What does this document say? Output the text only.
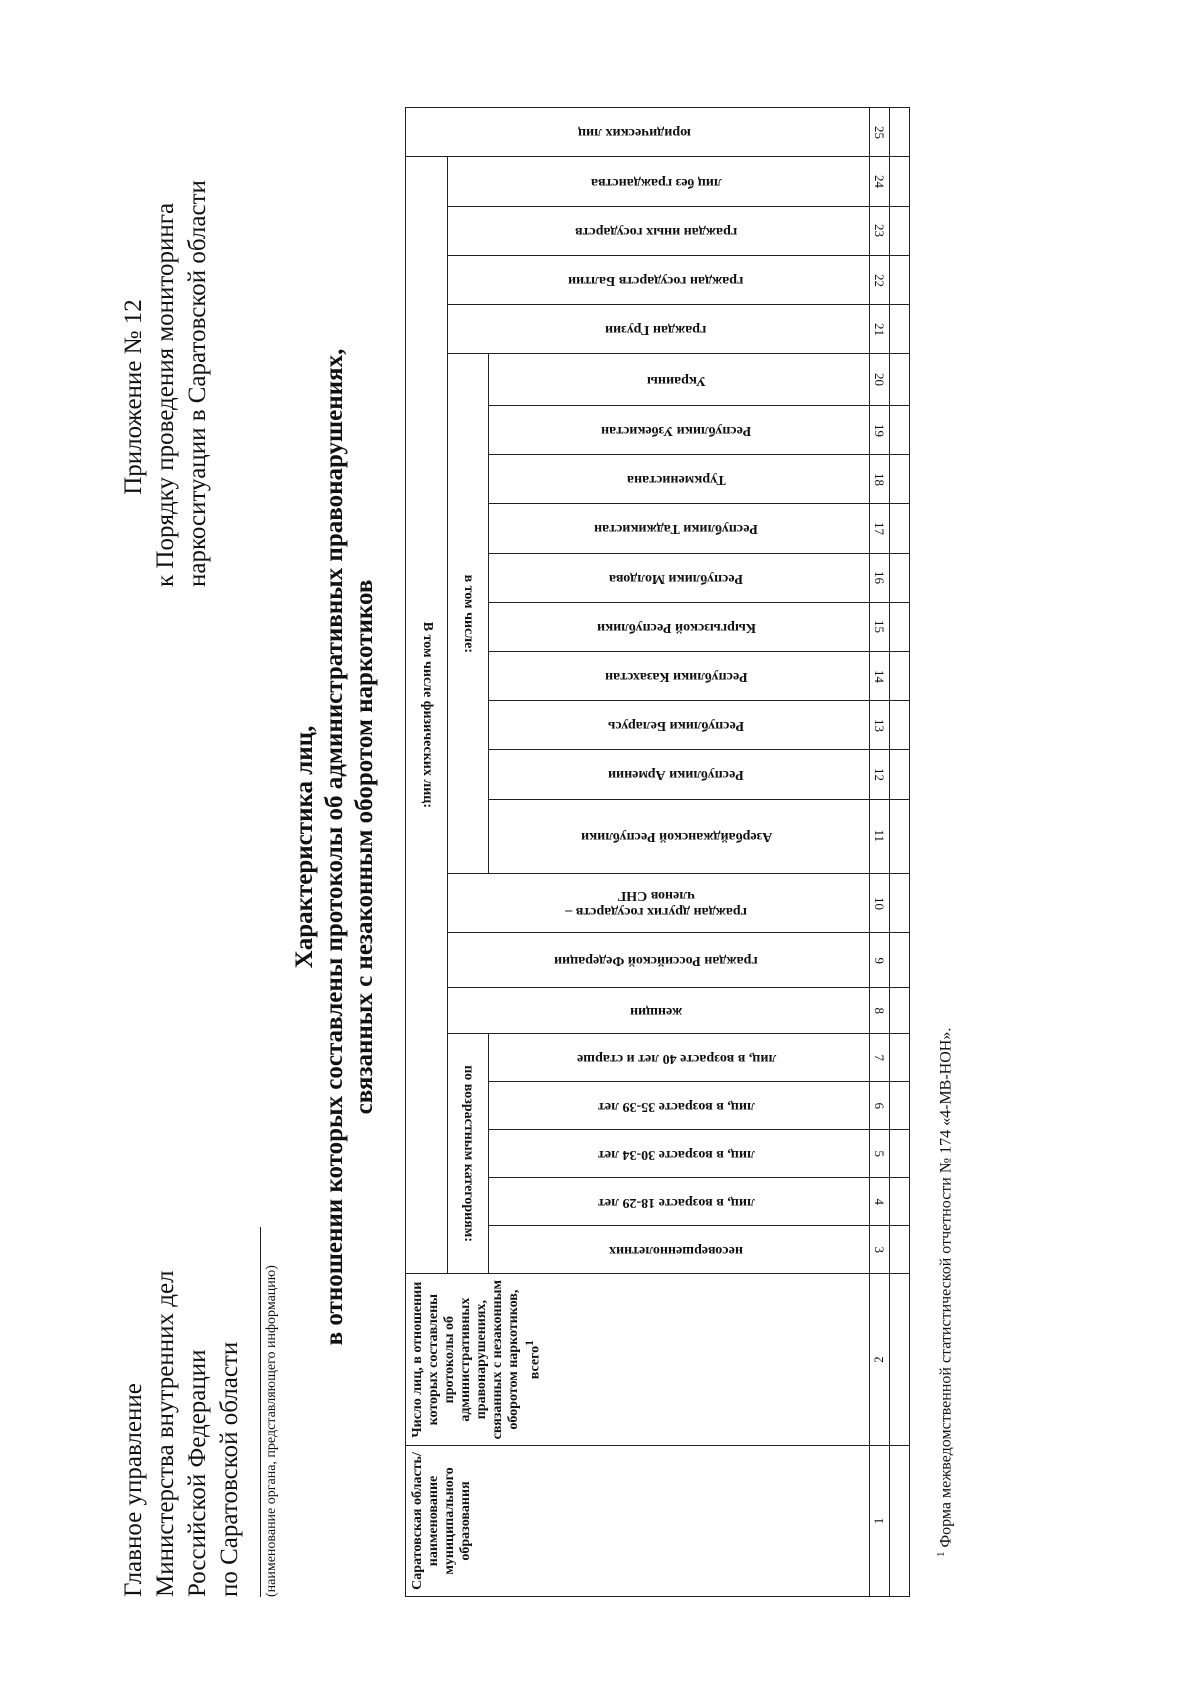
Главное управление Министерства внутренних дел Российской Федерации по Саратовской области (наименование органа, представляющего информацию)
Приложение № 12 к Порядку проведения мониторинга наркоситуации в Саратовской области
Характеристика лиц, в отношении которых составлены протоколы об административных правонарушениях, связанных с незаконным оборотом наркотиков
Саратовская область/ наименование муниципального образования	Число лиц, в отношении которых составлены протоколы об административных правонарушениях, связанных с незаконным оборотом наркотиков, всего$^1$	В том числе физических лиц:																						юридических лиц
		по возрастным категориям:					женщин	граждан Российской Федерации	граждан других государств – членов СНГ	в том числе:										граждан Грузии	граждан государств Балтии	граждан иных государств	лиц без гражданства	
		несовершеннолетних	лиц, в возрасте 18-29 лет	лиц, в возрасте 30-34 лет	лиц, в возрасте 35-39 лет	лиц, в возрасте 40 лет и старше				Азербайджанской Республики	Республики Армении	Республики Беларусь	Республики Казахстан	Кыргызской Республики	Республики Молдова	Республики Таджикистан	Туркменистана	Республики Узбекистан	Украины					
1	2	3	4	5	6	7	8	9	10	11	12	13	14	15	16	17	18	19	20	21	22	23	24	25

$^1$ Форма межведомственной статистической отчетности № 174 «4-МВ-НОН».
